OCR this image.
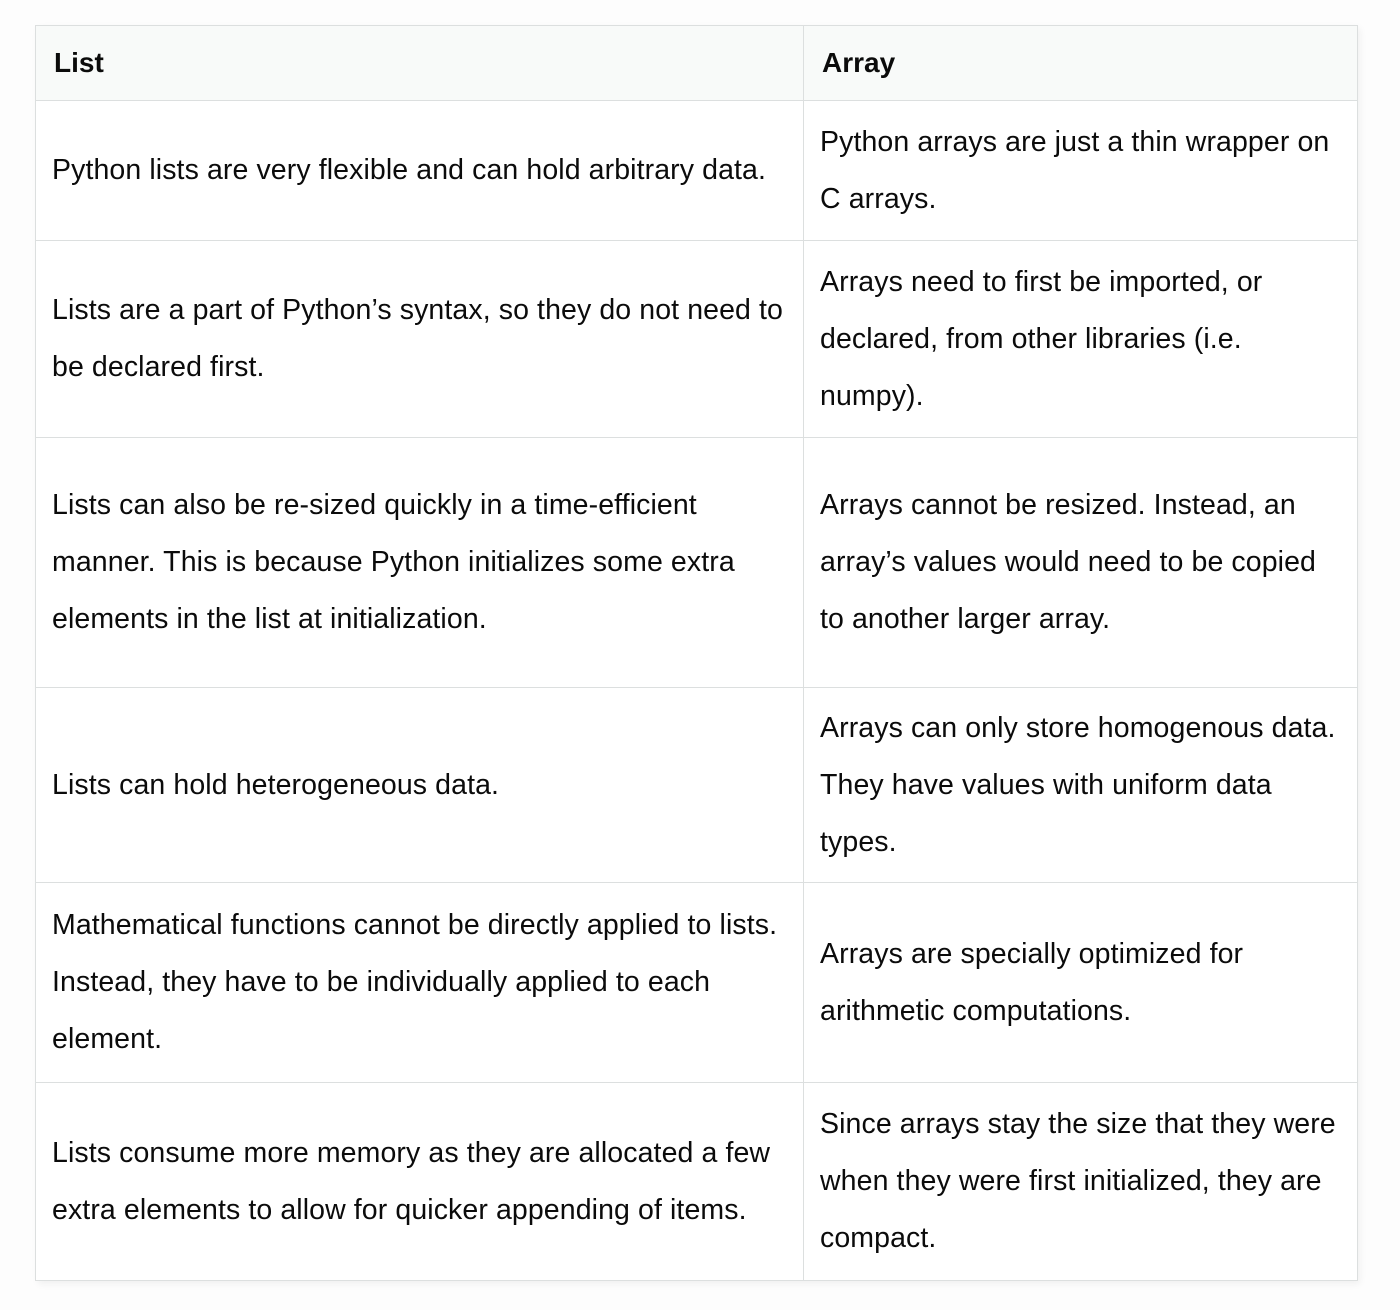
List	Array
Python lists are very flexible and can hold arbitrary data.	Python arrays are just a thin wrapper on C arrays.
Lists are a part of Python’s syntax, so they do not need to be declared first.	Arrays need to first be imported, or declared, from other libraries (i.e. numpy).
Lists can also be re-sized quickly in a time-efficient manner. This is because Python initializes some extra elements in the list at initialization.	Arrays cannot be resized. Instead, an array’s values would need to be copied to another larger array.
Lists can hold heterogeneous data.	Arrays can only store homogenous data. They have values with uniform data types.
Mathematical functions cannot be directly applied to lists. Instead, they have to be individually applied to each element.	Arrays are specially optimized for arithmetic computations.
Lists consume more memory as they are allocated a few extra elements to allow for quicker appending of items.	Since arrays stay the size that they were when they were first initialized, they are compact.
